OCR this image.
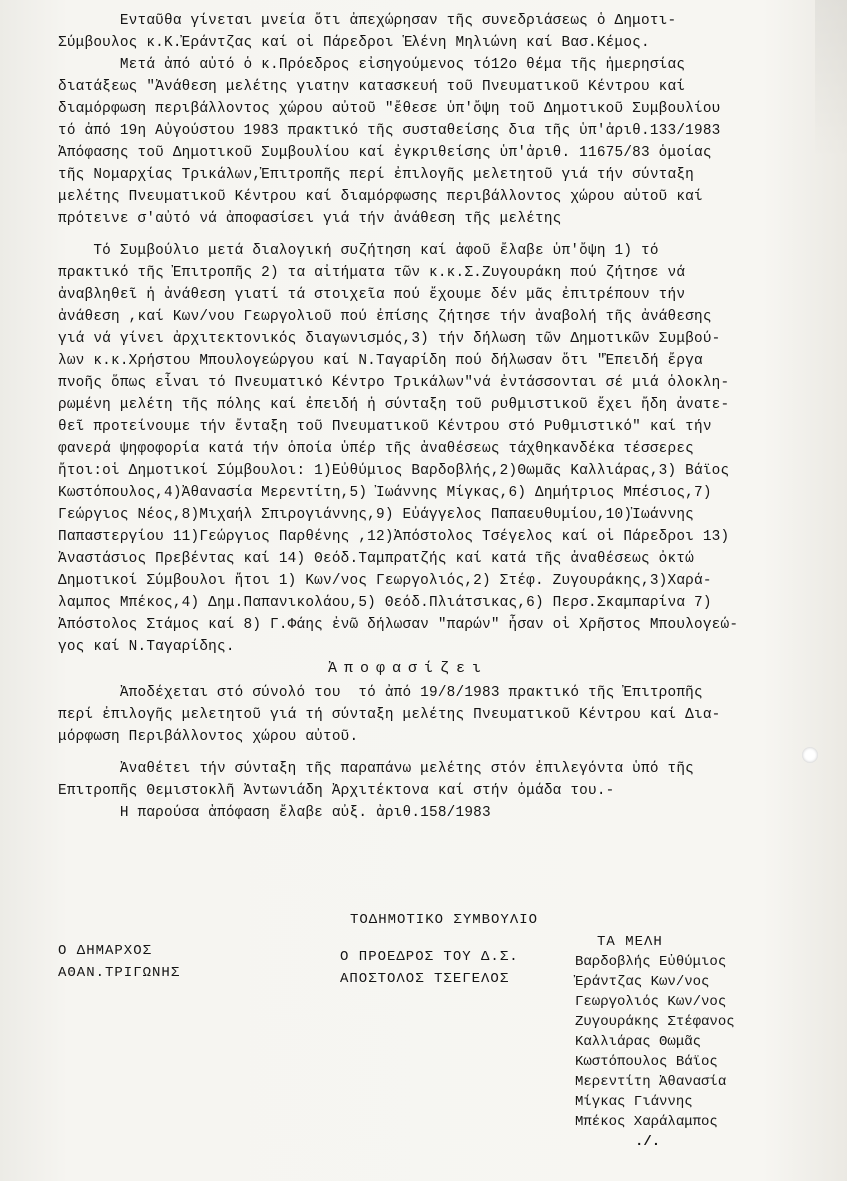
Ενταῦθα γίνεται μνεία ὅτι ἀπεχώρησαν τῆς συνεδριάσεως ὁ Δημοτι-
Σύμβουλος κ.Κ.Ἐράντζας καί οἱ Πάρεδροι Ἑλένη Μηλιώνη καί Βασ.Κέμος.
Μετά ἀπό αὐτό ὁ κ.Πρόεδρος εἰσηγούμενος τό12ο θέμα τῆς ἡμερησίας
διατάξεως "Ἀνάθεση μελέτης γιατην κατασκευή τοῦ Πνευματικοῦ Κέντρου καί
διαμόρφωση περιβάλλοντος χώρου αὐτοῦ "ἔθεσε ὑπ'ὄψη τοῦ Δημοτικοῦ Συμβουλίου
τό ἀπό 19η Αὐγούστου 1983 πρακτικό τῆς συσταθείσης δια τῆς ὑπ'ἀριθ.133/1983
Ἀπόφασης τοῦ Δημοτικοῦ Συμβουλίου καί ἐγκριθείσης ὑπ'ἀριθ. 11675/83 ὁμοίας
τῆς Νομαρχίας Τρικάλων,Ἐπιτροπῆς περί ἐπιλογῆς μελετητοῦ γιά τήν σύνταξη
μελέτης Πνευματικοῦ Κέντρου καί διαμόρφωσης περιβάλλοντος χώρου αὐτοῦ καί
πρότεινε σ'αὐτό νά ἀποφασίσει γιά τήν ἀνάθεση τῆς μελέτης
Τό Συμβούλιο μετά διαλογική συζήτηση καί ἀφοῦ ἔλαβε ὑπ'ὄψη 1) τό
πρακτικό τῆς Ἐπιτροπῆς 2) τα αἰτήματα τῶν κ.κ.Σ.Ζυγουράκη πού ζήτησε νά
ἀναβληθεῖ ἡ ἀνάθεση γιατί τά στοιχεῖα πού ἔχουμε δέν μᾶς ἐπιτρέπουν τήν
ἀνάθεση ,καί Κων/νου Γεωργολιοῦ πού ἐπίσης ζήτησε τήν ἀναβολή τῆς ἀνάθεσης
γιά νά γίνει ἀρχιτεκτονικός διαγωνισμός,3) τήν δήλωση τῶν Δημοτικῶν Συμβού-
λων κ.κ.Χρήστου Μπουλογεώργου καί Ν.Ταγαρίδη πού δήλωσαν ὅτι "Ἐπειδή ἔργα
πνοῆς ὅπως εἶναι τό Πνευματικό Κέντρο Τρικάλων"νά ἐντάσσονται σέ μιά ὁλοκλη-
ρωμένη μελέτη τῆς πόλης καί ἐπειδή ἡ σύνταξη τοῦ ρυθμιστικοῦ ἔχει ἤδη ἀνατε-
θεῖ προτείνουμε τήν ἔνταξη τοῦ Πνευματικοῦ Κέντρου στό Ρυθμιστικό" καί τήν
φανερά ψηφοφορία κατά τήν ὁποία ὑπέρ τῆς ἀναθέσεως τάχθηκανδέκα τέσσερες
ἤτοι:οἱ Δημοτικοί Σύμβουλοι: 1)Εὐθύμιος Βαρδοβλής,2)Θωμᾶς Καλλιάρας,3) Βάϊος
Κωστόπουλος,4)Ἀθανασία Μερεντίτη,5) Ἰωάννης Μίγκας,6) Δημήτριος Μπέσιος,7)
Γεώργιος Νέος,8)Μιχαήλ Σπιρογιάννης,9) Εὐάγγελος Παπαευθυμίου,10)Ἰωάννης
Παπαστεργίου 11)Γεώργιος Παρθένης ,12)Ἀπόστολος Τσέγελος καί οἱ Πάρεδροι 13)
Ἀναστάσιος Πρεβέντας καί 14) Θεόδ.Ταμπρατζής καί κατά τῆς ἀναθέσεως ὀκτώ
Δημοτικοί Σύμβουλοι ἤτοι 1) Κων/νος Γεωργολιός,2) Στέφ. Ζυγουράκης,3)Χαρά-
λαμπος Μπέκος,4) Δημ.Παπανικολάου,5) Θεόδ.Πλιάτσικας,6) Περσ.Σκαμπαρίνα 7)
Ἀπόστολος Στάμος καί 8) Γ.Φάης ἐνῶ δήλωσαν "παρών" ἦσαν οἱ Χρῆστος Μπουλογεώ-
γος καί Ν.Ταγαρίδης.
Ἀποφασίζει
Ἀποδέχεται στό σύνολό του  τό ἀπό 19/8/1983 πρακτικό τῆς Ἐπιτροπῆς
περί ἐπιλογῆς μελετητοῦ γιά τή σύνταξη μελέτης Πνευματικοῦ Κέντρου καί Δια-
μόρφωση Περιβάλλοντος χώρου αὐτοῦ.
Ἀναθέτει τήν σύνταξη τῆς παραπάνω μελέτης στόν ἐπιλεγόντα ὑπό τῆς
Ἐπιτροπῆς Θεμιστοκλῆ Ἀντωνιάδη Ἀρχιτέκτονα καί στήν ὁμάδα του.-
Η παρούσα ἀπόφαση ἔλαβε αὐξ. ἀριθ.158/1983
ΤΟΔΗΜΟΤΙΚΟ ΣΥΜΒΟΥΛΙΟ
Ο ΔΗΜΑΡΧΟΣ
ΑΘΑΝ.ΤΡΙΓΩΝΗΣ
Ο ΠΡΟΕΔΡΟΣ ΤΟΥ Δ.Σ.
ΑΠΟΣΤΟΛΟΣ ΤΣΕΓΕΛΟΣ
ΤΑ ΜΕΛΗ
Βαρδοβλής Εὐθύμιος
Ἐράντζας Κων/νος
Γεωργολιός Κων/νος
Ζυγουράκης Στέφανος
Καλλιάρας Θωμᾶς
Κωστόπουλος Βάϊος
Μερεντίτη Ἀθανασία
Μίγκας Γιάννης
Μπέκος Χαράλαμπος
./.
